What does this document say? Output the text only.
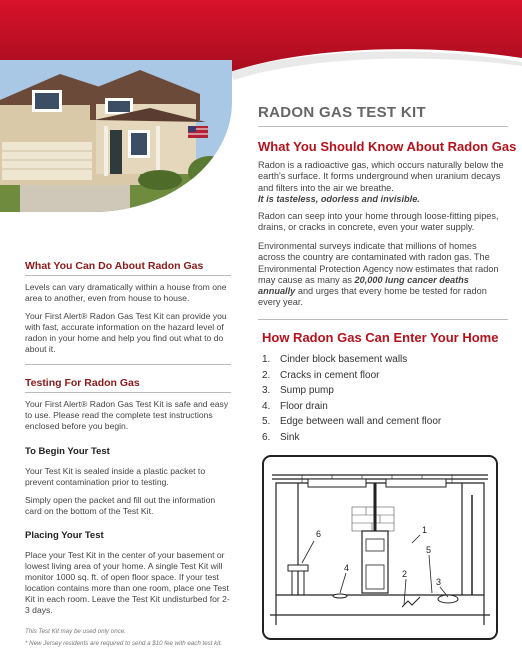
RADON GAS TEST KIT
What You Should Know About Radon Gas
Radon is a radioactive gas, which occurs naturally below the earth's surface. It forms underground when uranium decays and filters into the air we breathe.
It is tasteless, odorless and invisible.
Radon can seep into your home through loose-fitting pipes, drains, or cracks in concrete, even your water supply.
Environmental surveys indicate that millions of homes across the country are contaminated with radon gas. The Environmental Protection Agency now estimates that radon may cause as many as 20,000 lung cancer deaths annually and urges that every home be tested for radon every year.
How Radon Gas Can Enter Your Home
1. Cinder block basement walls
2. Cracks in cement floor
3. Sump pump
4. Floor drain
5. Edge between wall and cement floor
6. Sink
6
4
2
3
5
1
What You Can Do About Radon Gas
Levels can vary dramatically within a house from one area to another, even from house to house.
Your First Alert® Radon Gas Test Kit can provide you with fast, accurate information on the hazard level of radon in your home and help you find out what to do about it.
Testing For Radon Gas
Your First Alert® Radon Gas Test Kit is safe and easy to use. Please read the complete test instructions enclosed before you begin.
To Begin Your Test
Your Test Kit is sealed inside a plastic packet to prevent contamination prior to testing.
Simply open the packet and fill out the information card on the bottom of the Test Kit.
Placing Your Test
Place your Test Kit in the center of your basement or lowest living area of your home. A single Test Kit will monitor 1000 sq. ft. of open floor space. If your test location contains more than one room, place one Test Kit in each room. Leave the Test Kit undisturbed for 2-3 days.
This Test Kit may be used only once.
* New Jersey residents are required to send a $10 fee with each test kit.
